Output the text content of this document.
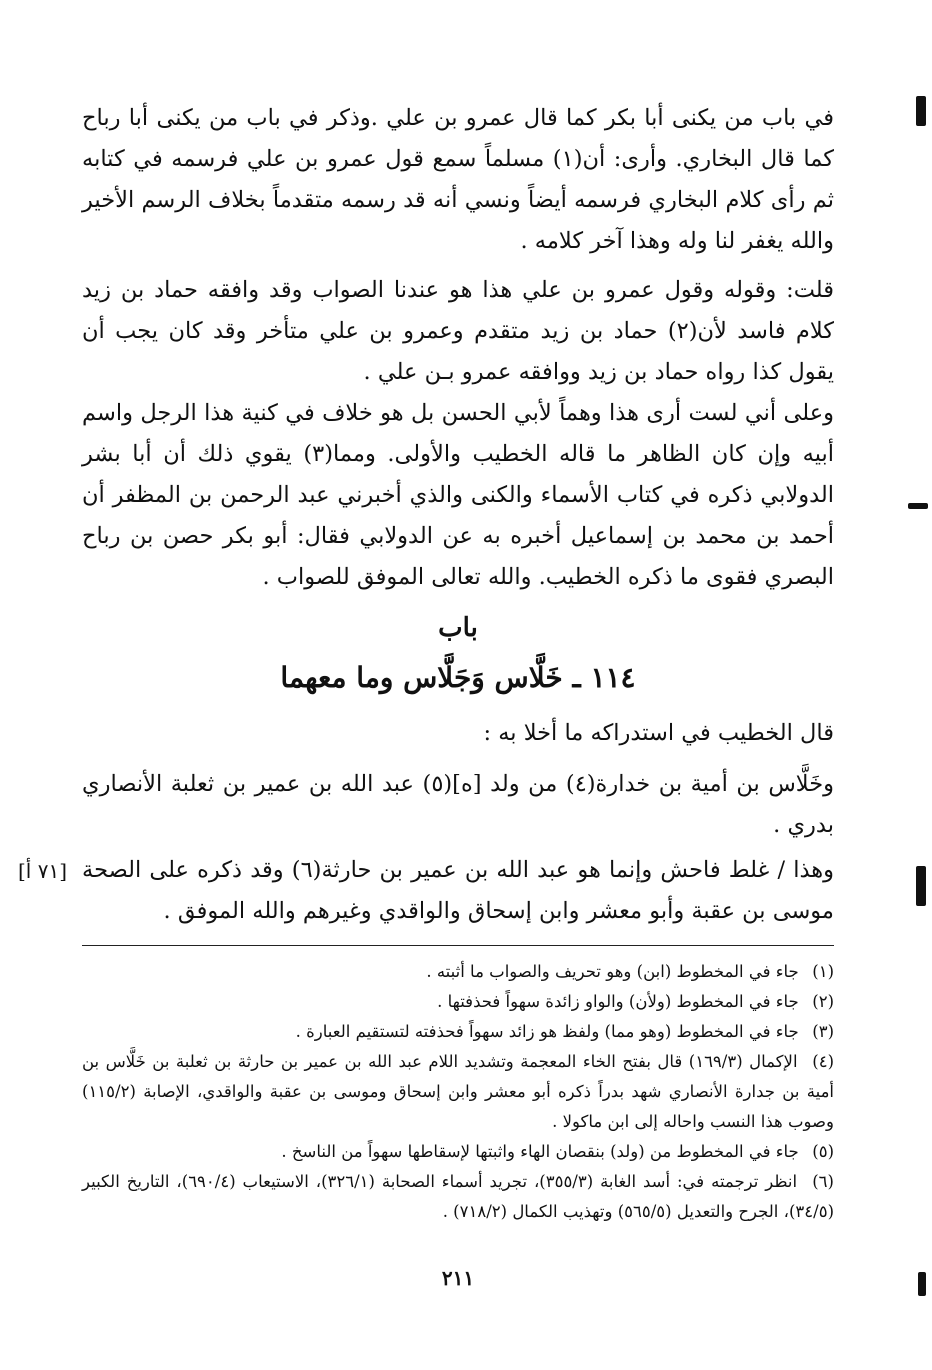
في باب من يكنى أبا بكر كما قال عمرو بن علي .وذكر في باب من يكنى أبا رباح كما قال البخاري. وأرى: أن(١) مسلماً سمع قول عمرو بن علي فرسمه في كتابه ثم رأى كلام البخاري فرسمه أيضاً ونسي أنه قد رسمه متقدماً بخلاف الرسم الأخير والله يغفر لنا وله وهذا آخر كلامه .

قلت: وقوله وقول عمرو بن علي هذا هو عندنا الصواب وقد وافقه حماد بن زيد كلام فاسد لأن(٢) حماد بن زيد متقدم وعمرو بن علي متأخر وقد كان يجب أن يقول كذا رواه حماد بن زيد ووافقه عمرو بـن علي .

وعلى أني لست أرى هذا وهماً لأبي الحسن بل هو خلاف في كنية هذا الرجل واسم أبيه وإن كان الظاهر ما قاله الخطيب والأولى. ومما(٣) يقوي ذلك أن أبا بشر الدولابي ذكره في كتاب الأسماء والكنى والذي أخبرني عبد الرحمن بن المظفر أن أحمد بن محمد بن إسماعيل أخبره به عن الدولابي فقال: أبو بكر حصن بن رباح البصري فقوى ما ذكره الخطيب. والله تعالى الموفق للصواب .

باب
١١٤ ـ خَلَّاس وَجَلَّاس وما معهما

قال الخطيب في استدراكه ما أخلا به :

وخَلَّاس بن أمية بن خدارة(٤) من ولد [ه](٥) عبد الله بن عمير بن ثعلبة الأنصاري بدري .

وهذا / غلط فاحش وإنما هو عبد الله بن عمير بن حارثة(٦) وقد ذكره على الصحة موسى بن عقبة وأبو معشر وابن إسحاق والواقدي وغيرهم والله الموفق .

[٧١ أ]

(١) جاء في المخطوط (ابن) وهو تحريف والصواب ما أثبته .

(٢) جاء في المخطوط (ولأن) والواو زائدة سهواً فحذفتها .

(٣) جاء في المخطوط (وهو مما) ولفظ هو زائد سهواً فحذفته لتستقيم العبارة .

(٤) الإكمال (١٦٩/٣) قال بفتح الخاء المعجمة وتشديد اللام عبد الله بن عمير بن حارثة بن ثعلبة بن خَلَّاس بن أمية بن جدارة الأنصاري شهد بدراً ذكره أبو معشر وابن إسحاق وموسى بن عقبة والواقدي، الإصابة (١١٥/٢) وصوب هذا النسب واحاله إلى ابن ماكولا .

(٥) جاء في المخطوط من (ولد) بنقصان الهاء واثبتها لإسقاطها سهواً من الناسخ .

(٦) انظر ترجمته في: أسد الغابة (٣٥٥/٣)، تجريد أسماء الصحابة (٣٢٦/١)، الاستيعاب (٦٩٠/٤)، التاريخ الكبير (٣٤/٥)، الجرح والتعديل (٥٦٥/٥) وتهذيب الكمال (٧١٨/٢) .

٢١١
